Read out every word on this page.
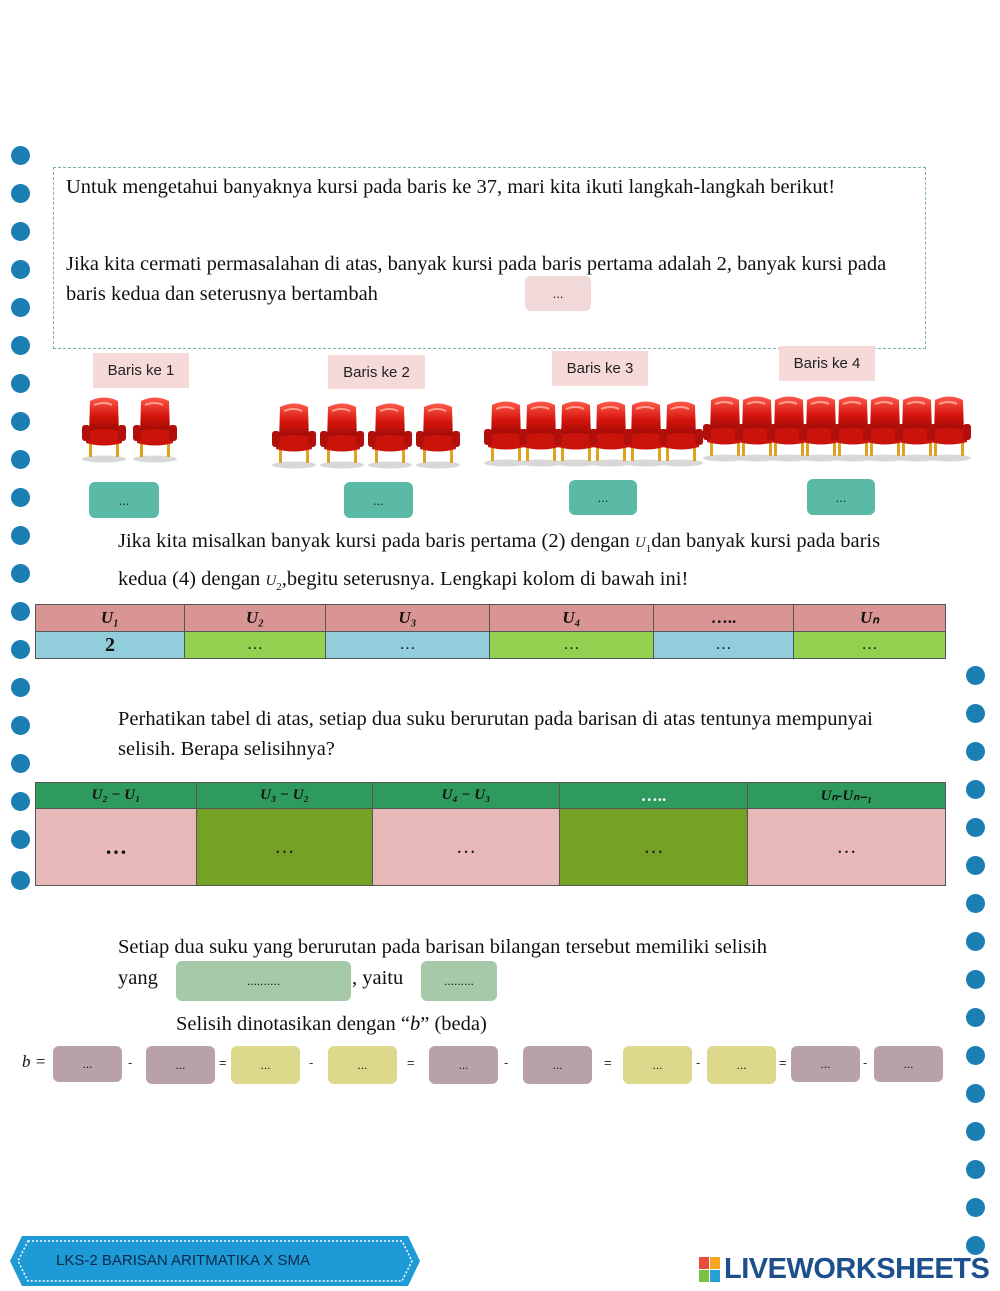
Untuk mengetahui banyaknya kursi pada baris ke 37, mari kita ikuti langkah-langkah berikut!
Jika kita cermati permasalahan di atas, banyak kursi pada baris pertama adalah 2, banyak kursi pada baris kedua dan seterusnya bertambah	...
Baris ke 1	Baris ke 2	Baris ke 3	Baris ke 4
...	...	...	...
Jika kita misalkan banyak kursi pada baris pertama (2) dengan $U_1dan$ banyak kursi pada baris kedua (4) dengan $U_2,begitu$ seterusnya. Lengkapi kolom di bawah ini!
U₁	U₂	U₃	U₄	…..	Uₙ
2	…	…	…	…	…
Perhatikan tabel di atas, setiap dua suku berurutan pada barisan di atas tentunya mempunyai selisih. Berapa selisihnya?
U₂ − U₁	U₃ − U₂	U₄ − U₃	…..	Uₙ-Uₙ₋₁
…	…	…	…	…
Setiap dua suku yang berurutan pada barisan bilangan tersebut memiliki selisih
yang	..........	, yaitu	.........
Selisih dinotasikan dengan “b” (beda)
b =	...	-	...	=	...	-	...	=	...	-	...	=	...	-	...	=	...	-	...
LKS-2 BARISAN ARITMATIKA X SMA	LIVEWORKSHEETS
